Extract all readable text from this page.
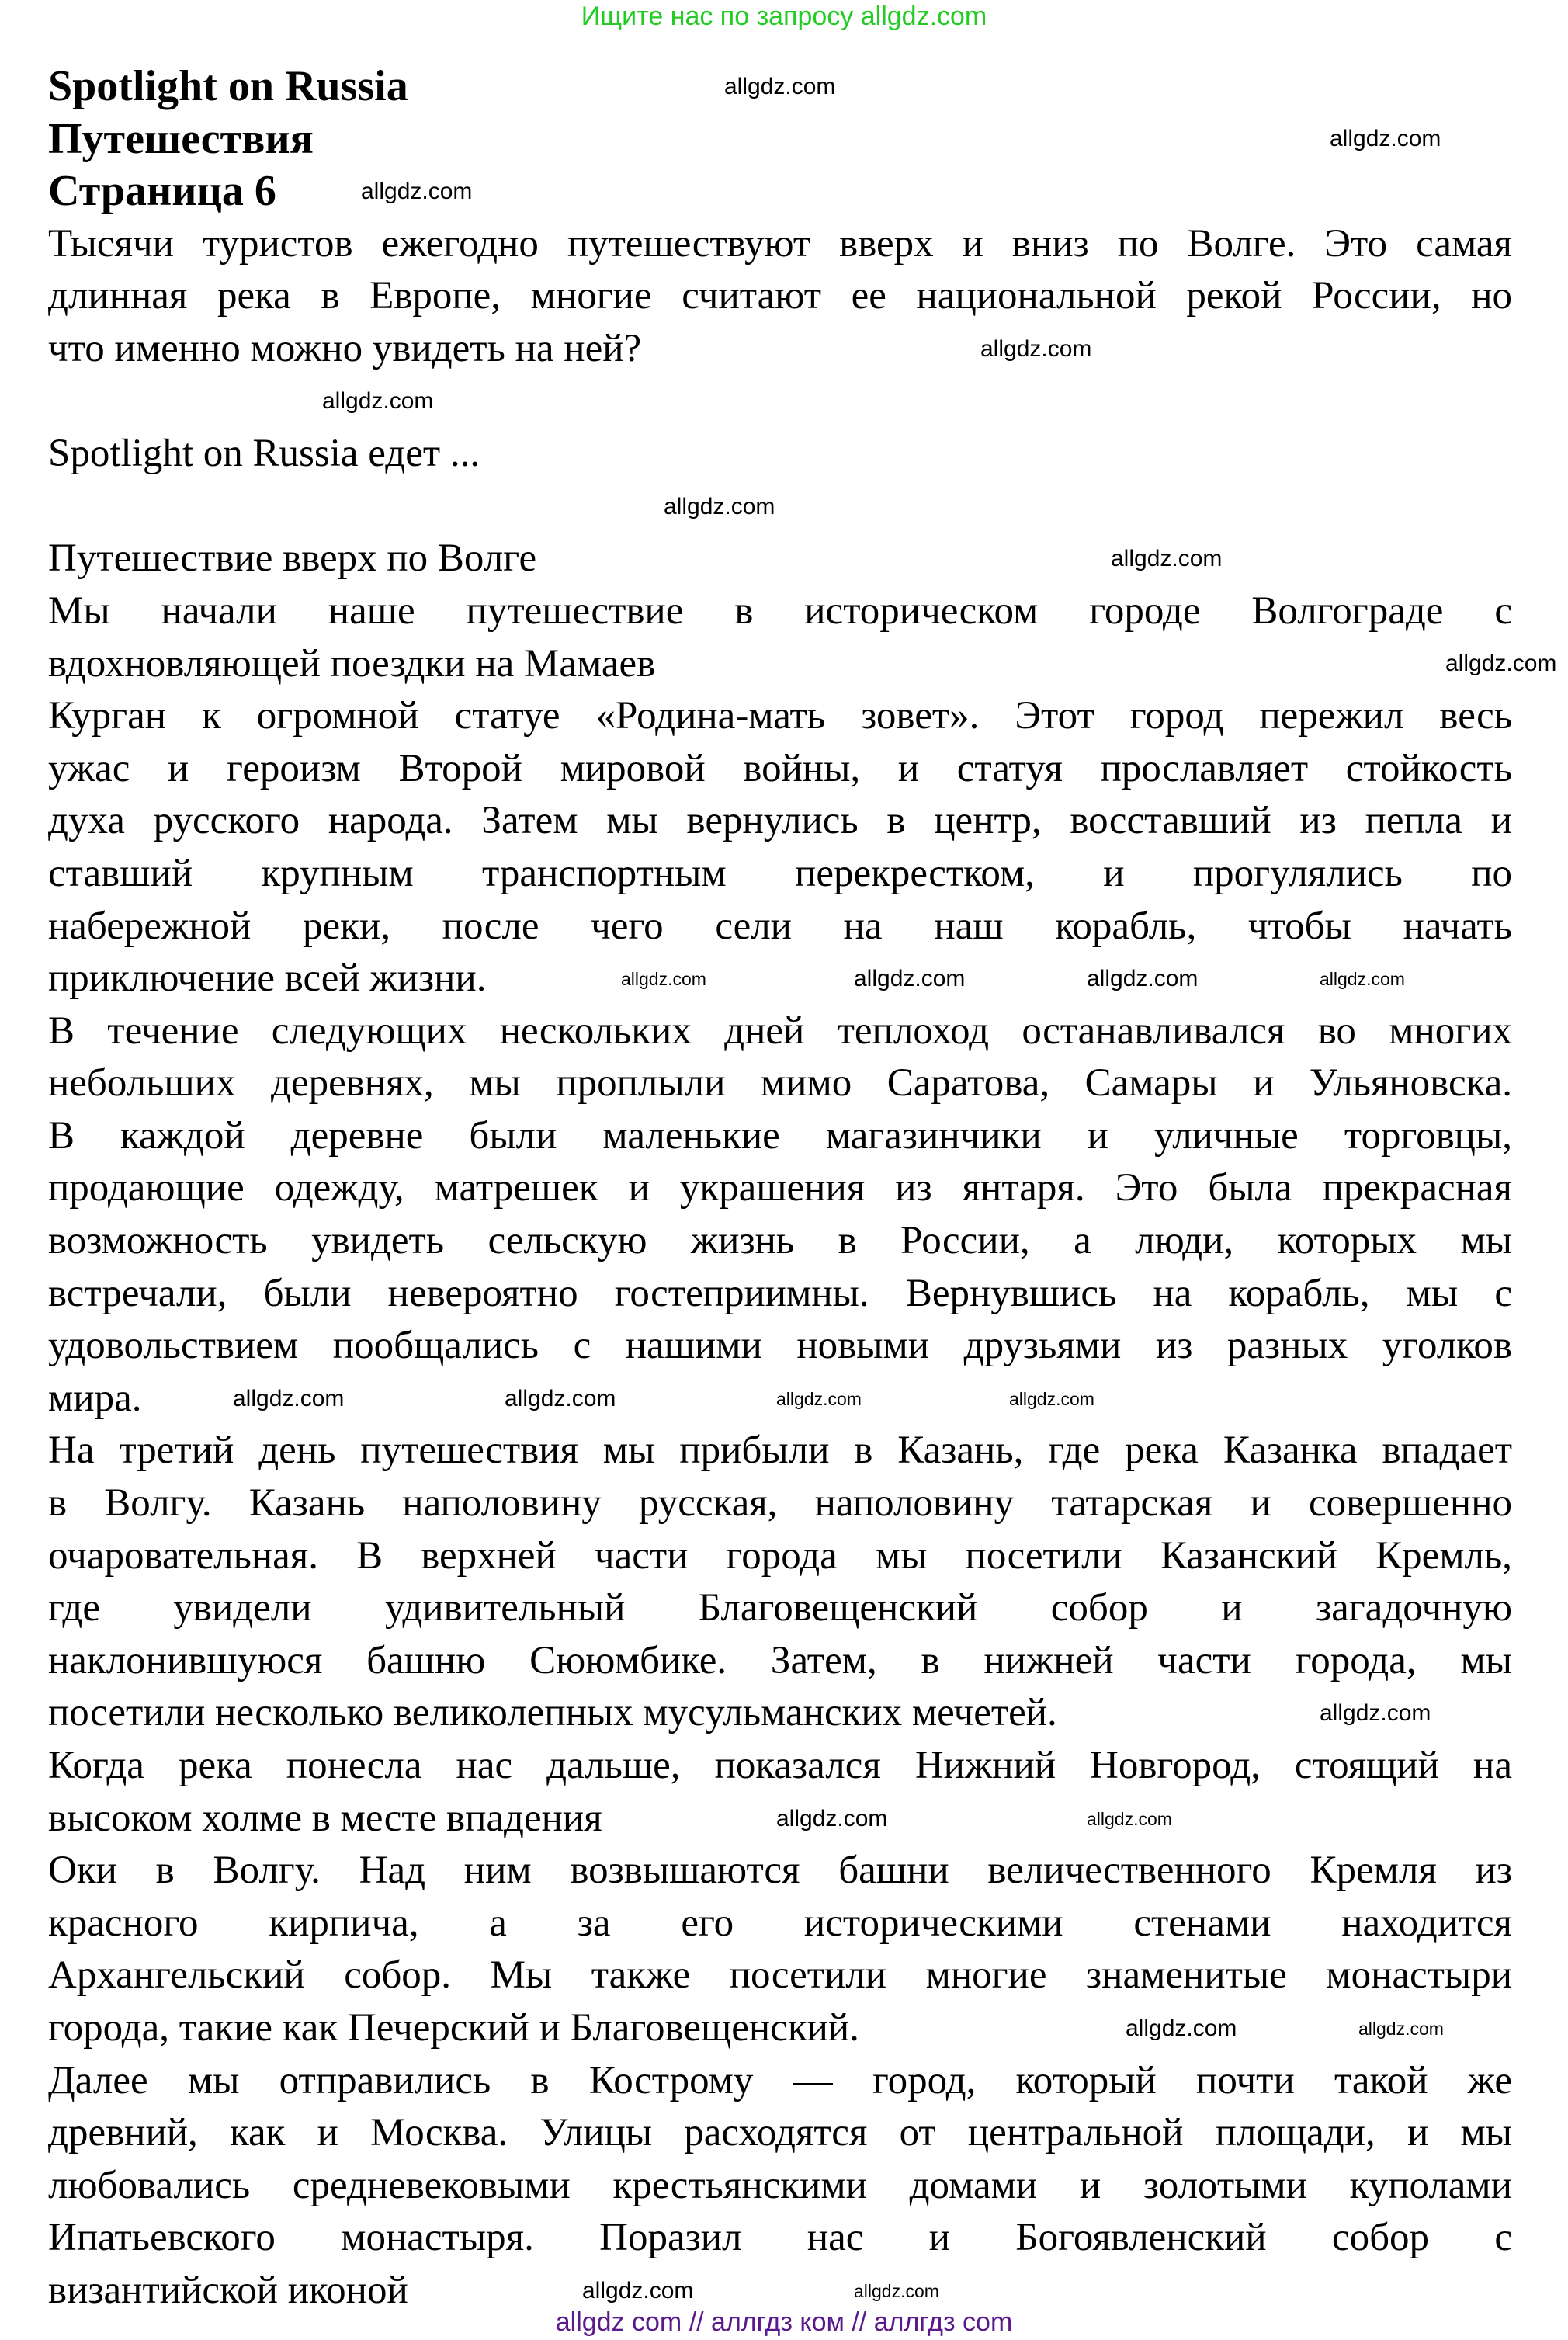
Ищите нас по запросу allgdz.com
Spotlight on Russia
Путешествия
Страница 6
Тысячи туристов ежегодно путешествуют вверх и вниз по Волге. Это самая
длинная река в Европе, многие считают ее национальной рекой России, но
что именно можно увидеть на ней?
Spotlight on Russia едет ...
Путешествие вверх по Волге
Мы начали наше путешествие в историческом городе Волгограде с
вдохновляющей поездки на Мамаев
Курган к огромной статуе «Родина-мать зовет». Этот город пережил весь
ужас и героизм Второй мировой войны, и статуя прославляет стойкость
духа русского народа. Затем мы вернулись в центр, восставший из пепла и
ставший крупным транспортным перекрестком, и прогулялись по
набережной реки, после чего сели на наш корабль, чтобы начать
приключение всей жизни.
В течение следующих нескольких дней теплоход останавливался во многих
небольших деревнях, мы проплыли мимо Саратова, Самары и Ульяновска.
В каждой деревне были маленькие магазинчики и уличные торговцы,
продающие одежду, матрешек и украшения из янтаря. Это была прекрасная
возможность увидеть сельскую жизнь в России, а люди, которых мы
встречали, были невероятно гостеприимны. Вернувшись на корабль, мы с
удовольствием пообщались с нашими новыми друзьями из разных уголков
мира.
На третий день путешествия мы прибыли в Казань, где река Казанка впадает
в Волгу. Казань наполовину русская, наполовину татарская и совершенно
очаровательная. В верхней части города мы посетили Казанский Кремль,
где увидели удивительный Благовещенский собор и загадочную
наклонившуюся башню Сююмбике. Затем, в нижней части города, мы
посетили несколько великолепных мусульманских мечетей.
Когда река понесла нас дальше, показался Нижний Новгород, стоящий на
высоком холме в месте впадения
Оки в Волгу. Над ним возвышаются башни величественного Кремля из
красного кирпича, а за его историческими стенами находится
Архангельский собор. Мы также посетили многие знаменитые монастыри
города, такие как Печерский и Благовещенский.
Далее мы отправились в Кострому — город, который почти такой же
древний, как и Москва. Улицы расходятся от центральной площади, и мы
любовались средневековыми крестьянскими домами и золотыми куполами
Ипатьевского монастыря. Поразил нас и Богоявленский собор с
византийской иконой
allgdz.com
allgdz.com
allgdz.com
allgdz.com
allgdz.com
allgdz.com
allgdz.com
allgdz.com
allgdz.com	allgdz.com	allgdz.com	allgdz.com
allgdz.com	allgdz.com	allgdz.com	allgdz.com
allgdz.com
allgdz.com	allgdz.com
allgdz.com	allgdz.com
allgdz.com
allgdz.com
allgdz com // аллгдз ком // аллгдз com
